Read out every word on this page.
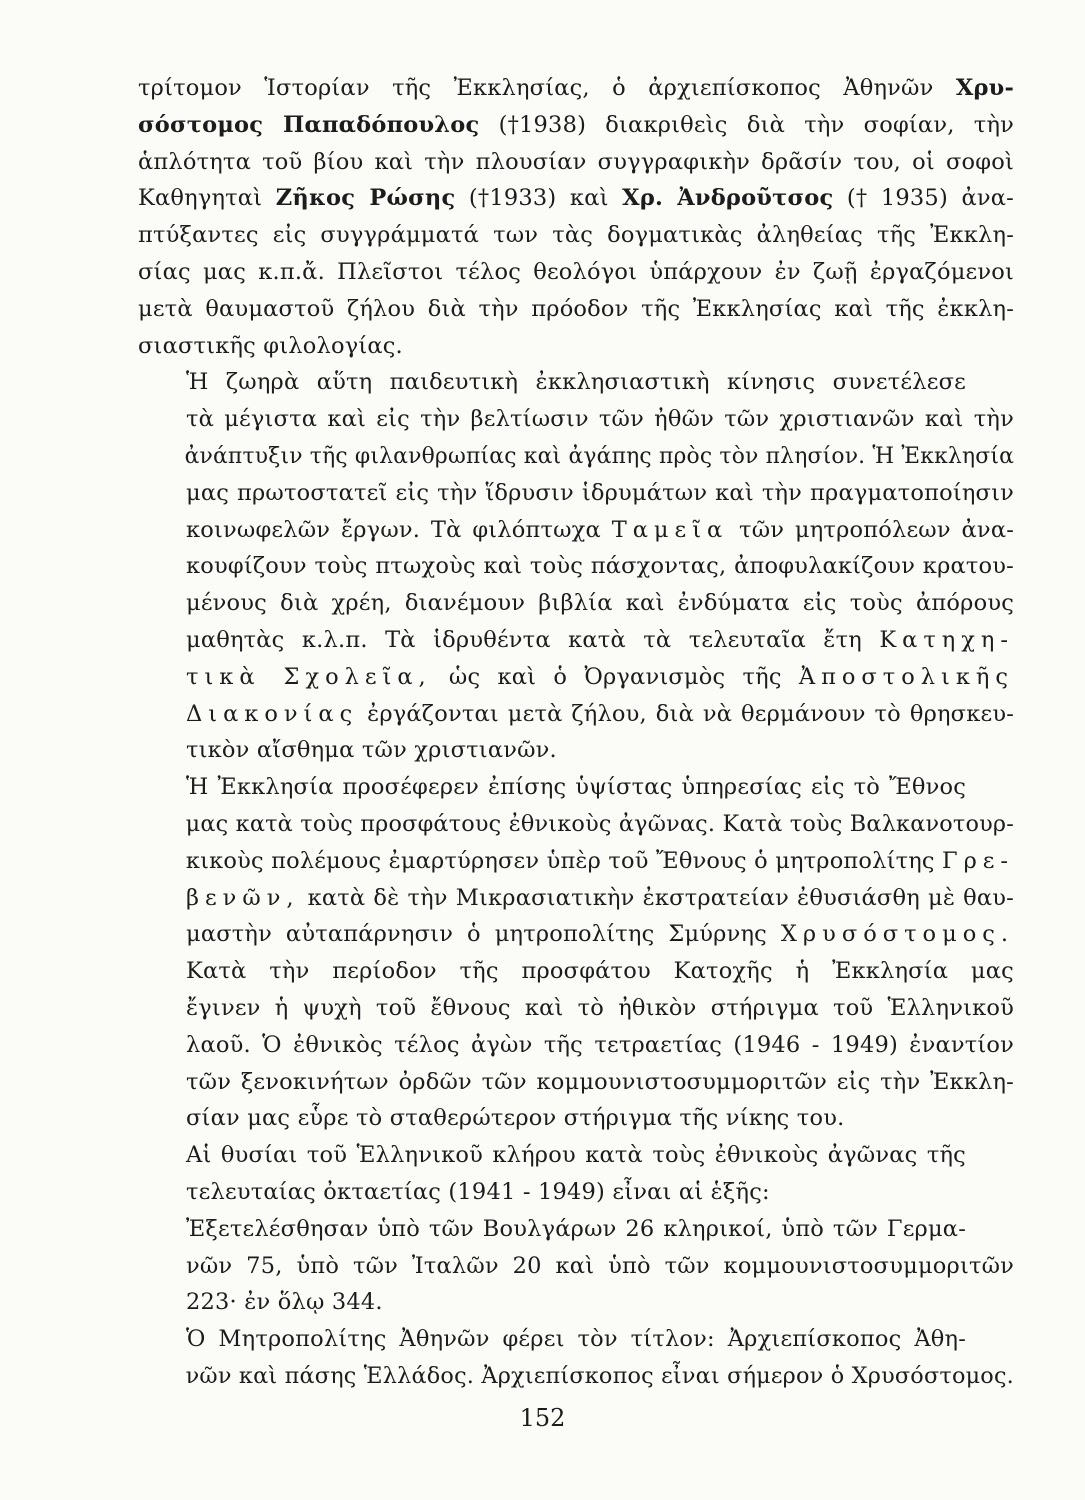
τρίτομον Ἱστορίαν τῆς Ἐκκλησίας, ὁ ἀρχιεπίσκοπος Ἀθηνῶν Χρυ-
σόστομος Παπαδόπουλος (†1938) διακριθεὶς διὰ τὴν σοφίαν, τὴν
ἁπλότητα τοῦ βίου καὶ τὴν πλουσίαν συγγραφικὴν δρᾶσίν του, οἱ σοφοὶ
Καθηγηταὶ Ζῆκος Ρώσης (†1933) καὶ Χρ. Ἀνδροῦτσος († 1935) ἀνα-
πτύξαντες εἰς συγγράμματά των τὰς δογματικὰς ἀληθείας τῆς Ἐκκλη-
σίας μας κ.π.ἄ. Πλεῖστοι τέλος θεολόγοι ὑπάρχουν ἐν ζωῇ ἐργαζόμενοι
μετὰ θαυμαστοῦ ζήλου διὰ τὴν πρόοδον τῆς Ἐκκλησίας καὶ τῆς ἐκκλη-
σιαστικῆς φιλολογίας.

Ἡ ζωηρὰ αὕτη παιδευτικὴ ἐκκλησιαστικὴ κίνησις συνετέλεσε
τὰ μέγιστα καὶ εἰς τὴν βελτίωσιν τῶν ἠθῶν τῶν χριστιανῶν καὶ τὴν
ἀνάπτυξιν τῆς φιλανθρωπίας καὶ ἀγάπης πρὸς τὸν πλησίον. Ἡ Ἐκκλησία
μας πρωτοστατεῖ εἰς τὴν ἵδρυσιν ἱδρυμάτων καὶ τὴν πραγματοποίησιν
κοινωφελῶν ἔργων. Τὰ φιλόπτωχα Ταμεῖα τῶν μητροπόλεων ἀνα-
κουφίζουν τοὺς πτωχοὺς καὶ τοὺς πάσχοντας, ἀποφυλακίζουν κρατου-
μένους διὰ χρέη, διανέμουν βιβλία καὶ ἐνδύματα εἰς τοὺς ἀπόρους
μαθητὰς κ.λ.π. Τὰ ἱδρυθέντα κατὰ τὰ τελευταῖα ἔτη Κατηχη-
τικὰ Σχολεῖα, ὡς καὶ ὁ Ὀργανισμὸς τῆς Ἀποστολικῆς
Διακονίας ἐργάζονται μετὰ ζήλου, διὰ νὰ θερμάνουν τὸ θρησκευ-
τικὸν αἴσθημα τῶν χριστιανῶν.

Ἡ Ἐκκλησία προσέφερεν ἐπίσης ὑψίστας ὑπηρεσίας εἰς τὸ Ἔθνος
μας κατὰ τοὺς προσφάτους ἐθνικοὺς ἀγῶνας. Κατὰ τοὺς Βαλκανοτουρ-
κικοὺς πολέμους ἐμαρτύρησεν ὑπὲρ τοῦ Ἔθνους ὁ μητροπολίτης Γρε-
βενῶν, κατὰ δὲ τὴν Μικρασιατικὴν ἐκστρατείαν ἐθυσιάσθη μὲ θαυ-
μαστὴν αὐταπάρνησιν ὁ μητροπολίτης Σμύρνης Χρυσόστομος.
Κατὰ τὴν περίοδον τῆς προσφάτου Κατοχῆς ἡ Ἐκκλησία μας
ἔγινεν ἡ ψυχὴ τοῦ ἔθνους καὶ τὸ ἠθικὸν στήριγμα τοῦ Ἑλληνικοῦ
λαοῦ. Ὁ ἐθνικὸς τέλος ἀγὼν τῆς τετραετίας (1946 - 1949) ἐναντίον
τῶν ξενοκινήτων ὀρδῶν τῶν κομμουνιστοσυμμοριτῶν εἰς τὴν Ἐκκλη-
σίαν μας εὗρε τὸ σταθερώτερον στήριγμα τῆς νίκης του.

Αἱ θυσίαι τοῦ Ἑλληνικοῦ κλήρου κατὰ τοὺς ἐθνικοὺς ἀγῶνας τῆς
τελευταίας ὀκταετίας (1941 - 1949) εἶναι αἱ ἑξῆς:

Ἐξετελέσθησαν ὑπὸ τῶν Βουλγάρων 26 κληρικοί, ὑπὸ τῶν Γερμα-
νῶν 75, ὑπὸ τῶν Ἰταλῶν 20 καὶ ὑπὸ τῶν κομμουνιστοσυμμοριτῶν
223· ἐν ὅλῳ 344.

Ὁ Μητροπολίτης Ἀθηνῶν φέρει τὸν τίτλον: Ἀρχιεπίσκοπος Ἀθη-
νῶν καὶ πάσης Ἑλλάδος. Ἀρχιεπίσκοπος εἶναι σήμερον ὁ Χρυσόστομος.

152
